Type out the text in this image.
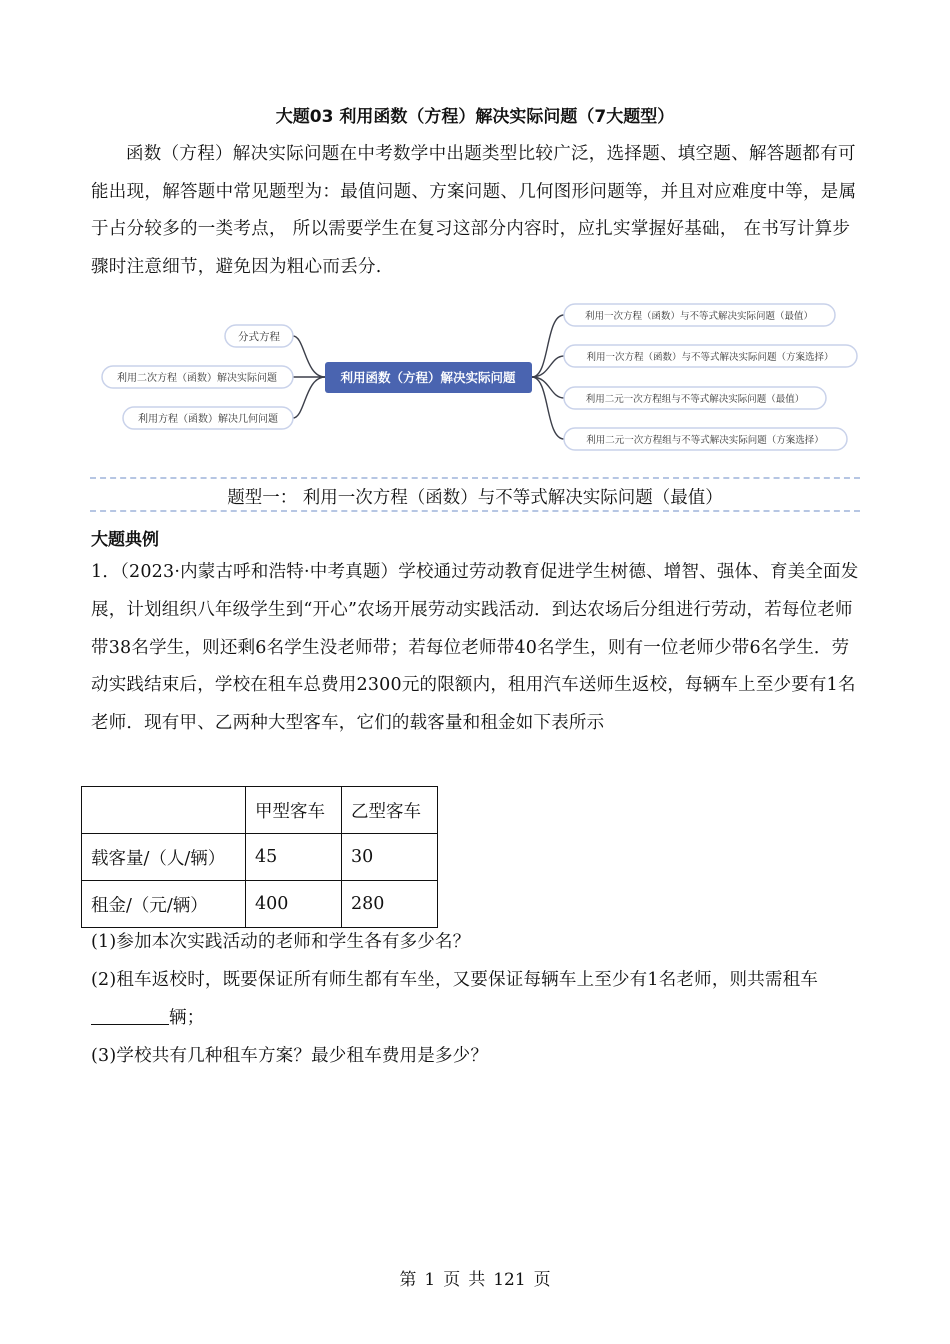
大题03 利用函数（方程）解决实际问题（7大题型）
函数（方程）解决实际问题在中考数学中出题类型比较广泛，选择题、填空题、解答题都有可能出现，解答题中常见题型为：最值问题、方案问题、几何图形问题等，并且对应难度中等，是属于占分较多的一类考点， 所以需要学生在复习这部分内容时，应扎实掌握好基础， 在书写计算步骤时注意细节，避免因为粗心而丢分.
利用函数（方程）解决实际问题
分式方程
利用二次方程（函数）解决实际问题
利用方程（函数）解决几何问题
利用一次方程（函数）与不等式解决实际问题（最值）
利用一次方程（函数）与不等式解决实际问题（方案选择）
利用二元一次方程组与不等式解决实际问题（最值）
利用二元一次方程组与不等式解决实际问题（方案选择）
题型一： 利用一次方程（函数）与不等式解决实际问题（最值）
大题典例
1．（2023·内蒙古呼和浩特·中考真题）学校通过劳动教育促进学生树德、增智、强体、育美全面发展，计划组织八年级学生到“开心”农场开展劳动实践活动．到达农场后分组进行劳动，若每位老师带38名学生，则还剩6名学生没老师带；若每位老师带40名学生，则有一位老师少带6名学生．劳动实践结束后，学校在租车总费用2300元的限额内，租用汽车送师生返校，每辆车上至少要有1名老师．现有甲、乙两种大型客车，它们的载客量和租金如下表所示
	甲型客车	乙型客车
载客量/（人/辆）	45	30
租金/（元/辆）	400	280
(1)参加本次实践活动的老师和学生各有多少名？
(2)租车返校时，既要保证所有师生都有车坐，又要保证每辆车上至少有1名老师，则共需租车辆；
(3)学校共有几种租车方案？最少租车费用是多少？
第 1 页 共 121 页
